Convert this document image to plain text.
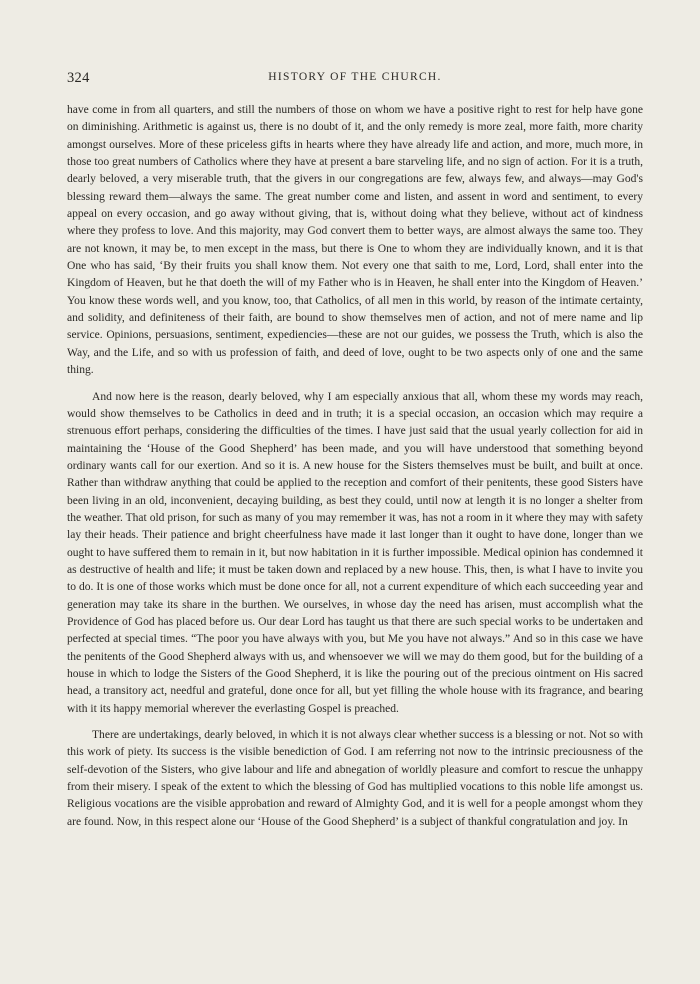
324	HISTORY OF THE CHURCH.

have come in from all quarters, and still the numbers of those on whom we have a positive right to rest for help have gone on diminishing. Arithmetic is against us, there is no doubt of it, and the only remedy is more zeal, more faith, more charity amongst ourselves. More of these priceless gifts in hearts where they have already life and action, and more, much more, in those too great numbers of Catholics where they have at present a bare starveling life, and no sign of action. For it is a truth, dearly beloved, a very miserable truth, that the givers in our congregations are few, always few, and always—may God's blessing reward them—always the same. The great number come and listen, and assent in word and sentiment, to every appeal on every occasion, and go away without giving, that is, without doing what they believe, without act of kindness where they profess to love. And this majority, may God convert them to better ways, are almost always the same too. They are not known, it may be, to men except in the mass, but there is One to whom they are individually known, and it is that One who has said, ‘By their fruits you shall know them. Not every one that saith to me, Lord, Lord, shall enter into the Kingdom of Heaven, but he that doeth the will of my Father who is in Heaven, he shall enter into the Kingdom of Heaven.’ You know these words well, and you know, too, that Catholics, of all men in this world, by reason of the intimate certainty, and solidity, and definiteness of their faith, are bound to show themselves men of action, and not of mere name and lip service. Opinions, persuasions, sentiment, expediencies—these are not our guides, we possess the Truth, which is also the Way, and the Life, and so with us profession of faith, and deed of love, ought to be two aspects only of one and the same thing.

And now here is the reason, dearly beloved, why I am especially anxious that all, whom these my words may reach, would show themselves to be Catholics in deed and in truth; it is a special occasion, an occasion which may require a strenuous effort perhaps, considering the difficulties of the times. I have just said that the usual yearly collection for aid in maintaining the ‘House of the Good Shepherd’ has been made, and you will have understood that something beyond ordinary wants call for our exertion. And so it is. A new house for the Sisters themselves must be built, and built at once. Rather than withdraw anything that could be applied to the reception and comfort of their penitents, these good Sisters have been living in an old, inconvenient, decaying building, as best they could, until now at length it is no longer a shelter from the weather. That old prison, for such as many of you may remember it was, has not a room in it where they may with safety lay their heads. Their patience and bright cheerfulness have made it last longer than it ought to have done, longer than we ought to have suffered them to remain in it, but now habitation in it is further impossible. Medical opinion has condemned it as destructive of health and life; it must be taken down and replaced by a new house. This, then, is what I have to invite you to do. It is one of those works which must be done once for all, not a current expenditure of which each succeeding year and generation may take its share in the burthen. We ourselves, in whose day the need has arisen, must accomplish what the Providence of God has placed before us. Our dear Lord has taught us that there are such special works to be undertaken and perfected at special times. “The poor you have always with you, but Me you have not always.” And so in this case we have the penitents of the Good Shepherd always with us, and whensoever we will we may do them good, but for the building of a house in which to lodge the Sisters of the Good Shepherd, it is like the pouring out of the precious ointment on His sacred head, a transitory act, needful and grateful, done once for all, but yet filling the whole house with its fragrance, and bearing with it its happy memorial wherever the everlasting Gospel is preached.

There are undertakings, dearly beloved, in which it is not always clear whether success is a blessing or not. Not so with this work of piety. Its success is the visible benediction of God. I am referring not now to the intrinsic preciousness of the self-devotion of the Sisters, who give labour and life and abnegation of worldly pleasure and comfort to rescue the unhappy from their misery. I speak of the extent to which the blessing of God has multiplied vocations to this noble life amongst us. Religious vocations are the visible approbation and reward of Almighty God, and it is well for a people amongst whom they are found. Now, in this respect alone our ‘House of the Good Shepherd’ is a subject of thankful congratulation and joy. In
